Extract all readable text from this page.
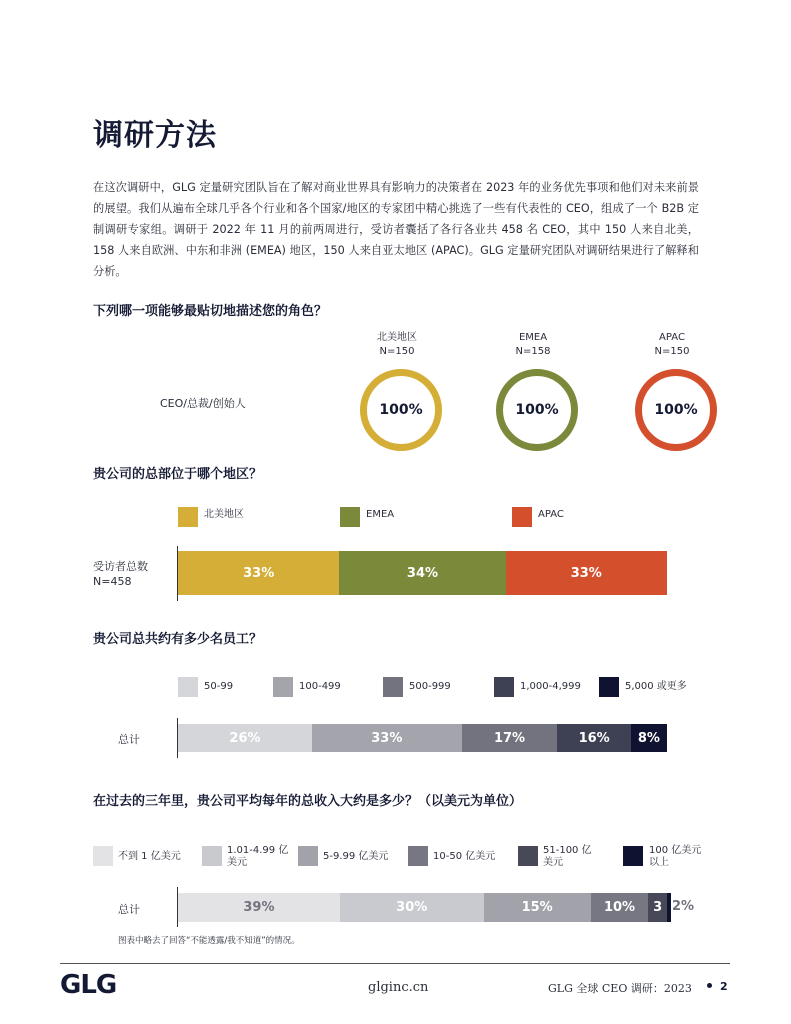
调研方法
在这次调研中，GLG 定量研究团队旨在了解对商业世界具有影响力的决策者在 2023 年的业务优先事项和他们对未来前景的展望。我们从遍布全球几乎各个行业和各个国家/地区的专家团中精心挑选了一些有代表性的 CEO，组成了一个 B2B 定制调研专家组。调研于 2022 年 11 月的前两周进行，受访者囊括了各行各业共 458 名 CEO，其中 150 人来自北美，158 人来自欧洲、中东和非洲 (EMEA) 地区，150 人来自亚太地区 (APAC)。GLG 定量研究团队对调研结果进行了解释和分析。
下列哪一项能够最贴切地描述您的角色？
北美地区
N=150
EMEA
N=158
APAC
N=150
CEO/总裁/创始人	100%	100%	100%
贵公司的总部位于哪个地区？
北美地区	EMEA	APAC
受访者总数
N=458
33%	34%	33%
贵公司总共约有多少名员工？
50-99	100-499	500-999	1,000-4,999	5,000 或更多
总计	26%	33%	17%	16%	8%
在过去的三年里，贵公司平均每年的总收入大约是多少？（以美元为单位）
不到 1 亿美元
1.01-4.99 亿美元
5-9.99 亿美元	10-50 亿美元
51-100 亿美元
100 亿美元以上
总计	39%	30%	15%	10%	3 2%
图表中略去了回答“不能透露/我不知道”的情况。
GLG	glginc.cn	GLG 全球 CEO 调研：2023	2
